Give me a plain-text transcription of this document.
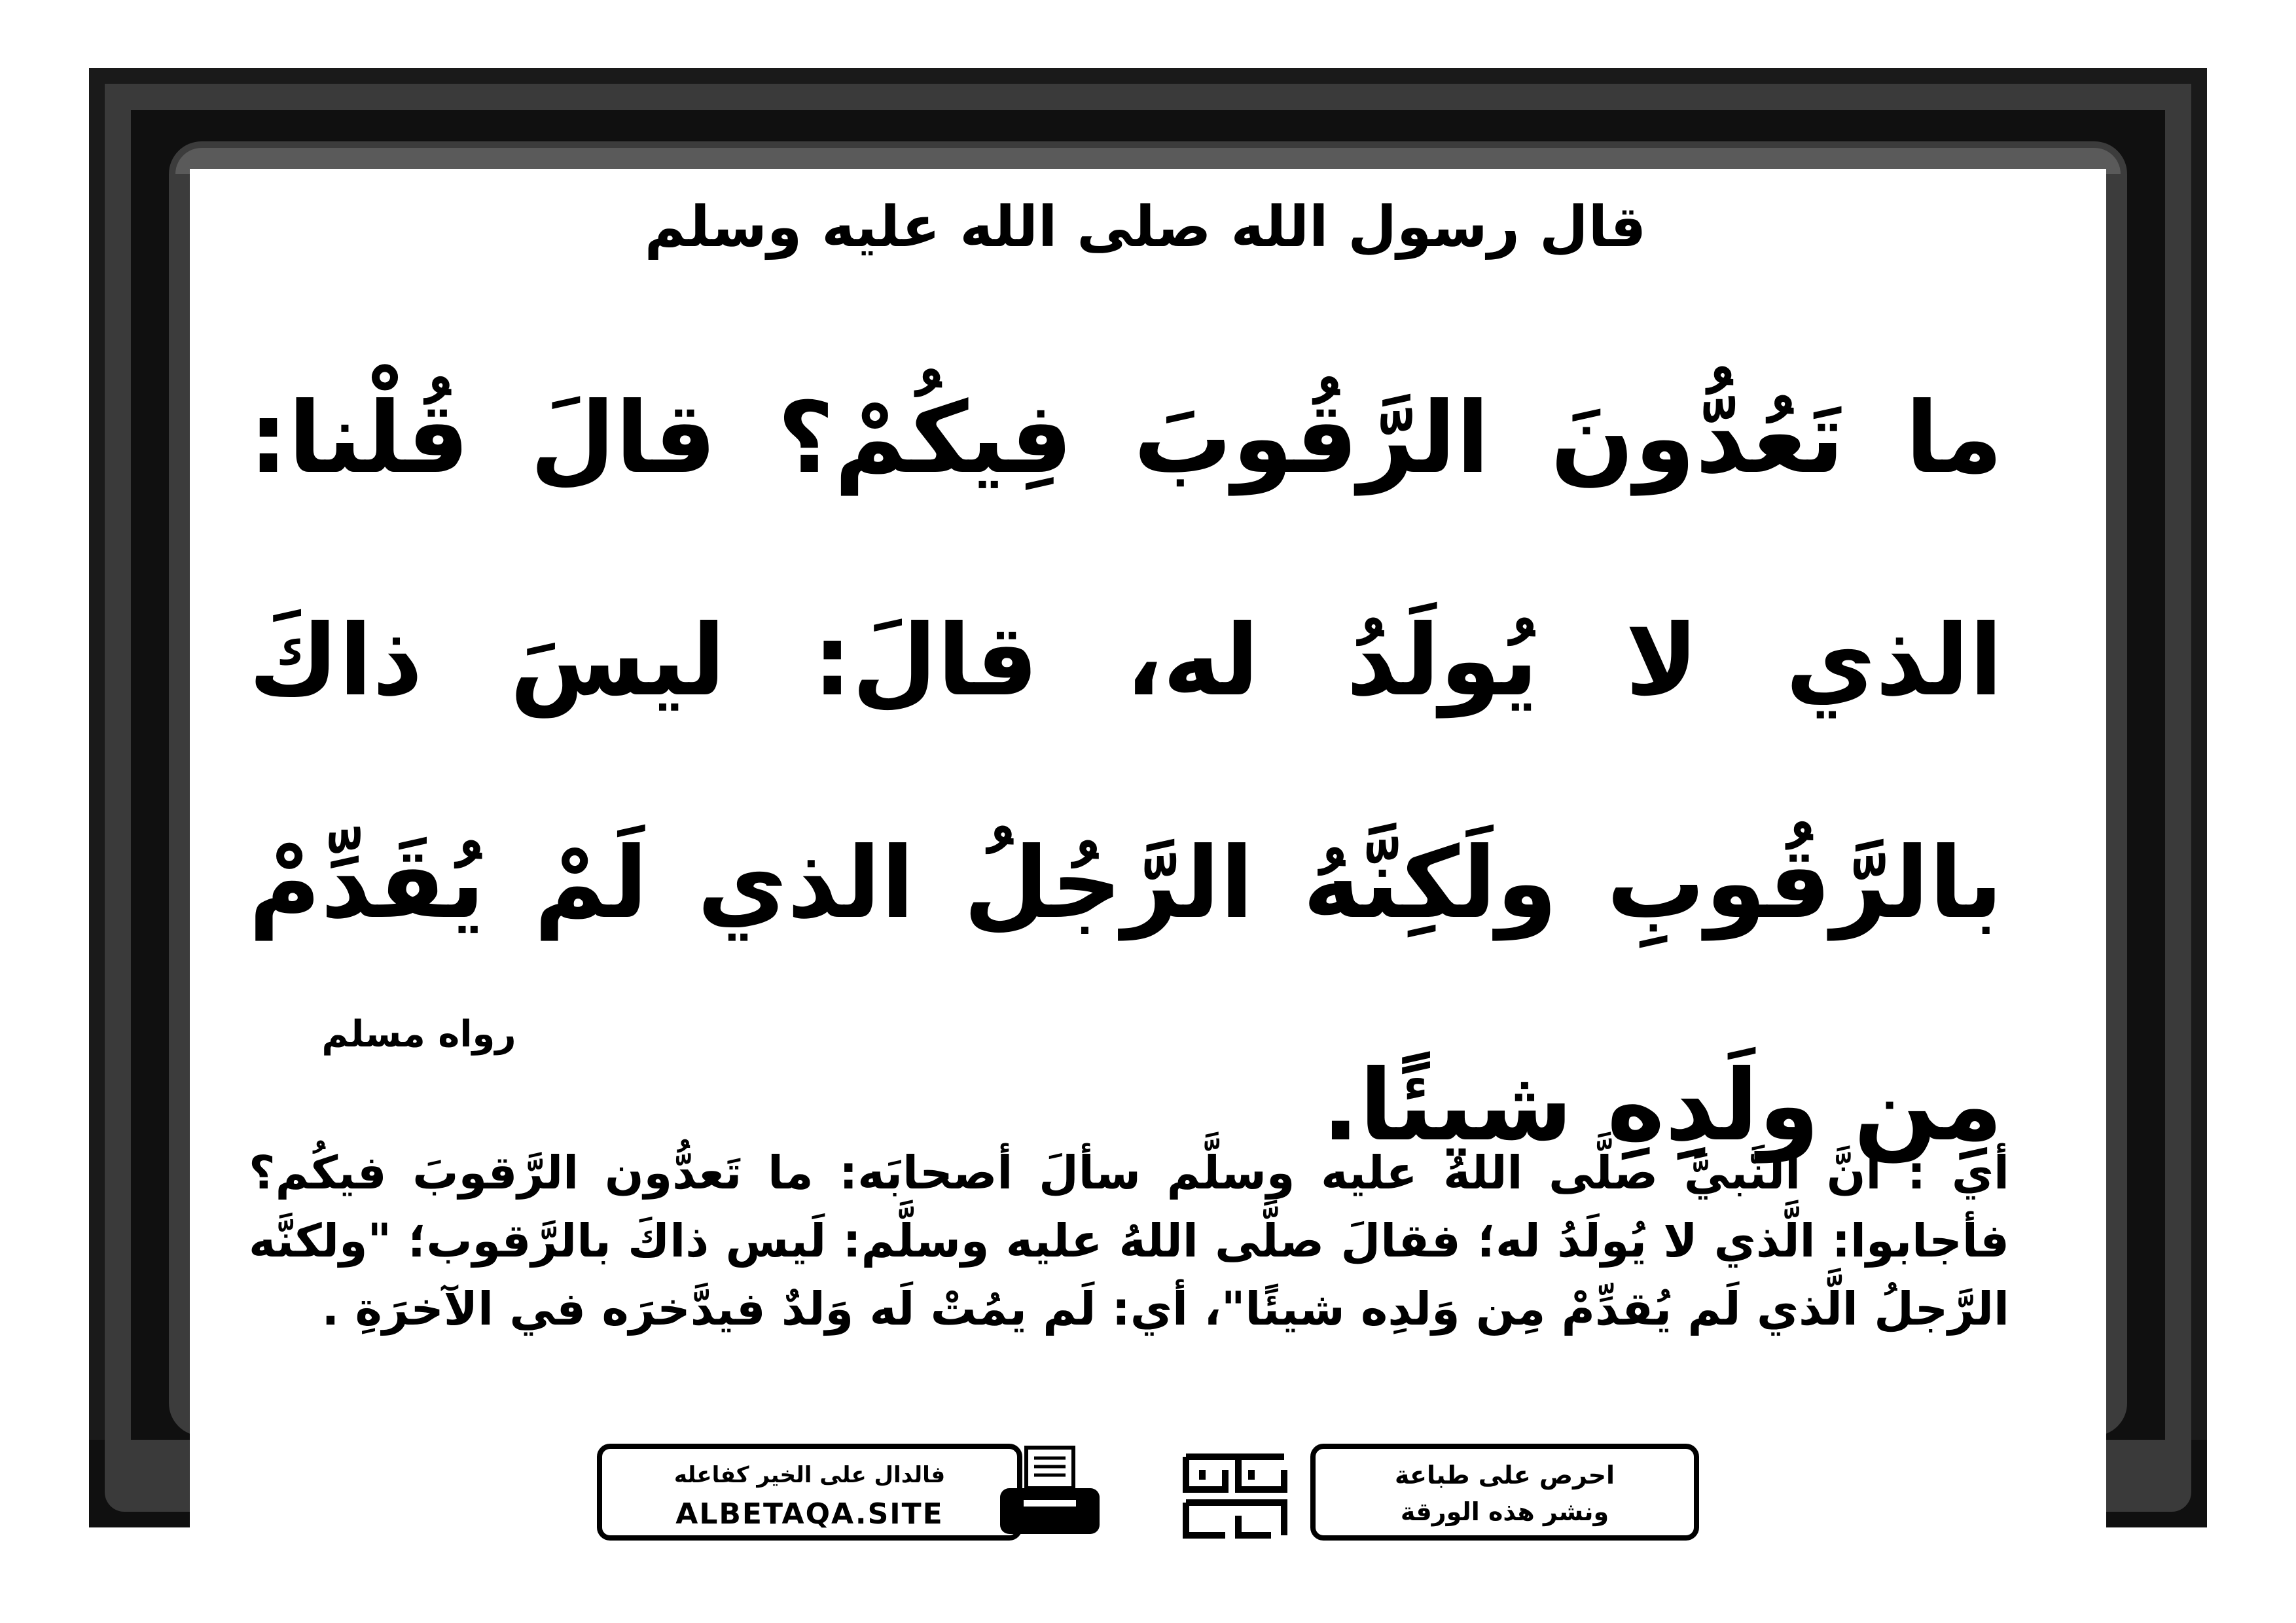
قال رسول الله صلى الله عليه وسلم
ما تَعُدُّونَ الرَّقُوبَ فِيكُمْ؟ قالَ قُلْنا: الذي لا يُولَدُ له، قالَ: ليسَ ذاكَ بالرَّقُوبِ ولَكِنَّهُ الرَّجُلُ الذي لَمْ يُقَدِّمْ مِن ولَدِهِ شيئًا.
رواه مسلم
أي : أنَّ النَّبيَّ صلَّى اللهُ عليه وسلَّم سألَ أصحابَه: ما تَعدُّون الرَّقوبَ فيكُم؟ فأجابوا: الَّذي لا يُولَدُ له؛ فقالَ صلَّى اللهُ عليه وسلَّم: لَيس ذاكَ بالرَّقوب؛ "ولكنَّه الرَّجلُ الَّذي لَم يُقدِّمْ مِن وَلدِه شيئًا"، أي: لَم يمُتْ لَه وَلدٌ فيدَّخرَه في الآخرَةِ .
فالدال على الخير كفاعله
ALBETAQA.SITE
احرص على طباعة
ونشر هذه الورقة
